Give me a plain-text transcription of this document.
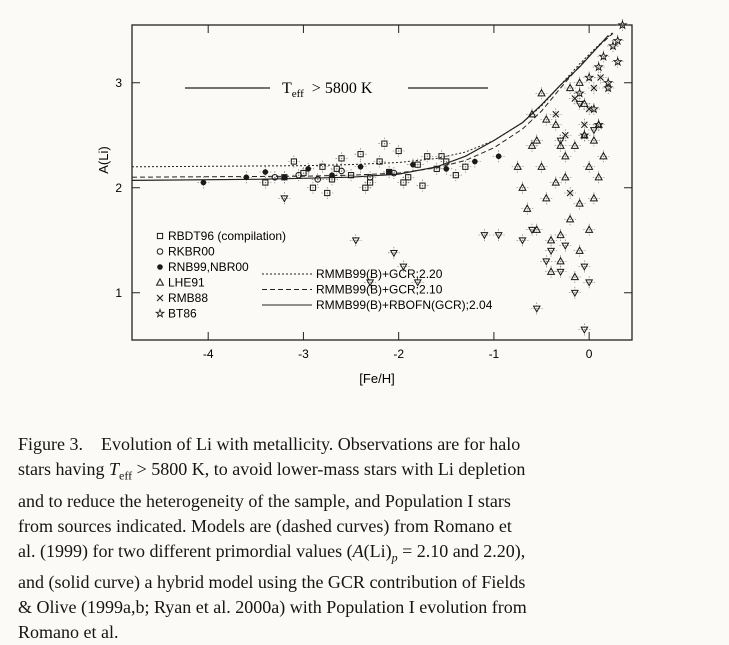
-4	-3	-2	-1	0
1
2
3	$T_{eff} > 5800$ K
A(Li)
[Fe/H]
RBDT96 (compilation)
RKBR00
RNB99,NBR00
LHE91
RMB88
BT86
RMMB99(B)+GCR;2.20
RMMB99(B)+GCR;2.10
RMMB99(B)+RBOFN(GCR);2.04

Figure 3.    Evolution of Li with metallicity. Observations are for halo

stars having $T_{eff} > 5800$ K, to avoid lower-mass stars with Li depletion

and to reduce the heterogeneity of the sample, and Population I stars

from sources indicated. Models are (dashed curves) from Romano et

al. (1999) for two different primordial values ($A(Li)_p = 2.10$ and 2.20),

and (solid curve) a hybrid model using the GCR contribution of Fields

& Olive (1999a,b; Ryan et al. 2000a) with Population I evolution from

Romano et al.
